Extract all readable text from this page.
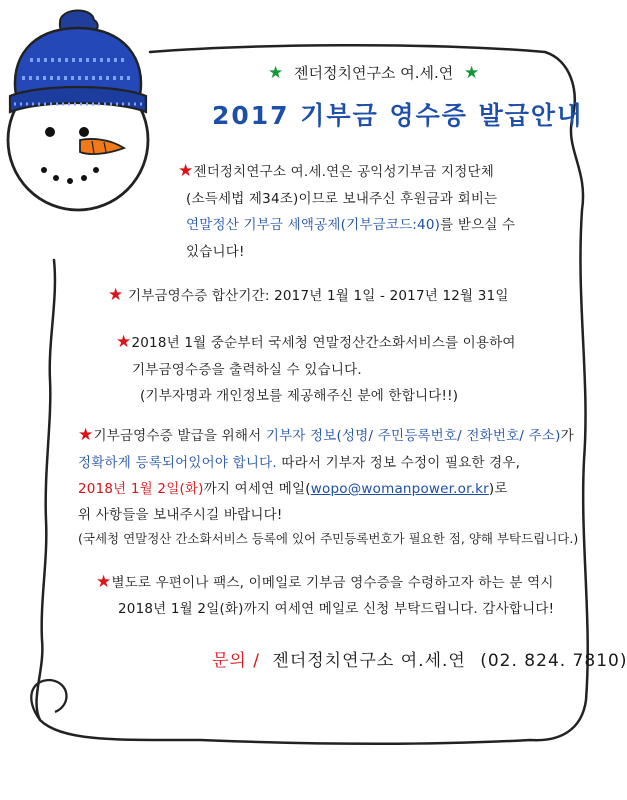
★ 젠더정치연구소 여.세.연 ★
2017 기부금 영수증 발급안내
★젠더정치연구소 여.세.연은 공익성기부금 지정단체
(소득세법 제34조)이므로 보내주신 후원금과 회비는
연말정산 기부금 세액공제(기부금코드:40)를 받으실 수
있습니다!
★ 기부금영수증 합산기간: 2017년 1월 1일 - 2017년 12월 31일
★2018년 1월 중순부터 국세청 연말정산간소화서비스를 이용하여
기부금영수증을 출력하실 수 있습니다.
(기부자명과 개인정보를 제공해주신 분에 한합니다!!)
★기부금영수증 발급을 위해서 기부자 정보(성명/ 주민등록번호/ 전화번호/ 주소)가
정확하게 등록되어있어야 합니다. 따라서 기부자 정보 수정이 필요한 경우,
2018년 1월 2일(화)까지 여세연 메일(wopo@womanpower.or.kr)로
위 사항들을 보내주시길 바랍니다!
(국세청 연말정산 간소화서비스 등록에 있어 주민등록번호가 필요한 점, 양해 부탁드립니다.)
★별도로 우편이나 팩스, 이메일로 기부금 영수증을 수령하고자 하는 분 역시
2018년 1월 2일(화)까지 여세연 메일로 신청 부탁드립니다. 감사합니다!
문의 / 젠더정치연구소 여.세.연 (02. 824. 7810)
